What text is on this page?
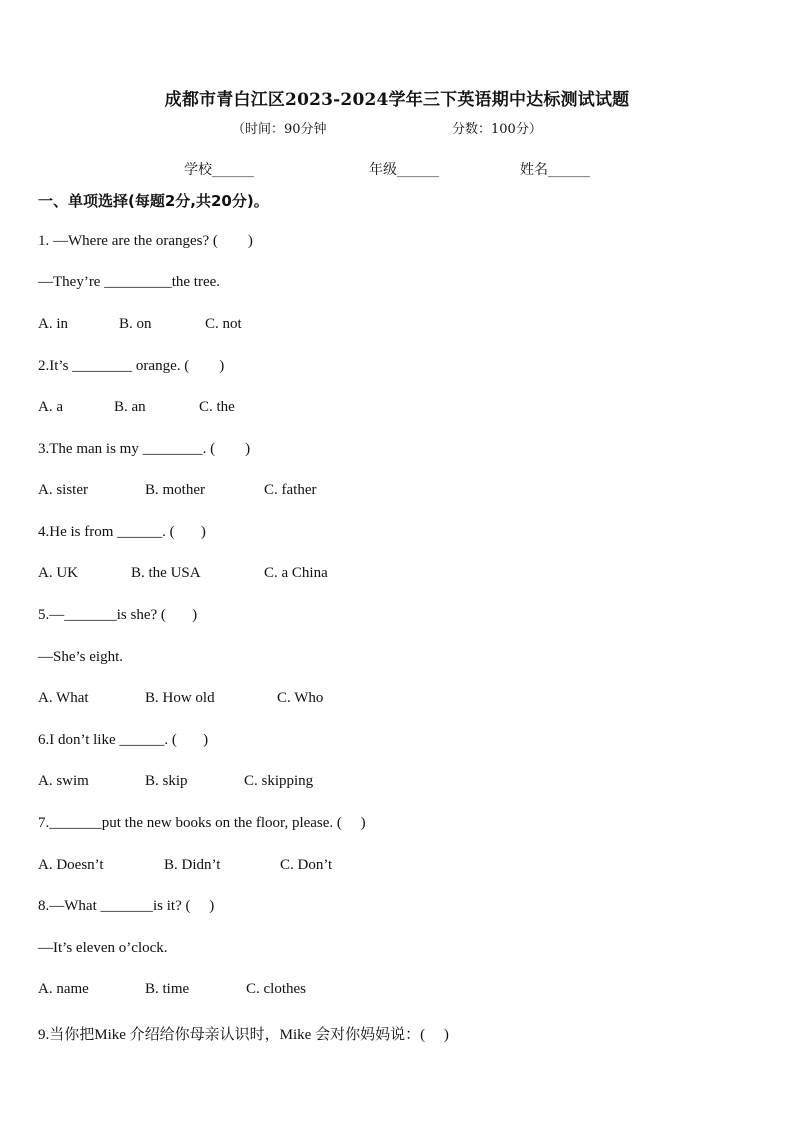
成都市青白江区2023-2024学年三下英语期中达标测试试题
（时间：90分钟	分数：100分）
学校______	年级______	姓名______
一、单项选择(每题2分,共20分)。
1. —Where are the oranges? (        )
—They’re _________the tree.
A. in	B. on	C. not
2.It’s ________ orange. (        )
A. a	B. an	C. the
3.The man is my ________. (        )
A. sister	B. mother	C. father
4.He is from ______. (       )
A. UK	B. the USA	C. a China
5.—_______is she? (       )
—She’s eight.
A. What	B. How old	C. Who
6.I don’t like ______. (       )
A. swim	B. skip	C. skipping
7._______put the new books on the floor, please. (     )
A. Doesn’t	B. Didn’t	C. Don’t
8.—What _______is it? (     )
—It’s eleven o’clock.
A. name	B. time	C. clothes
9.当你把Mike 介绍给你母亲认识时，Mike 会对你妈妈说：(     )
